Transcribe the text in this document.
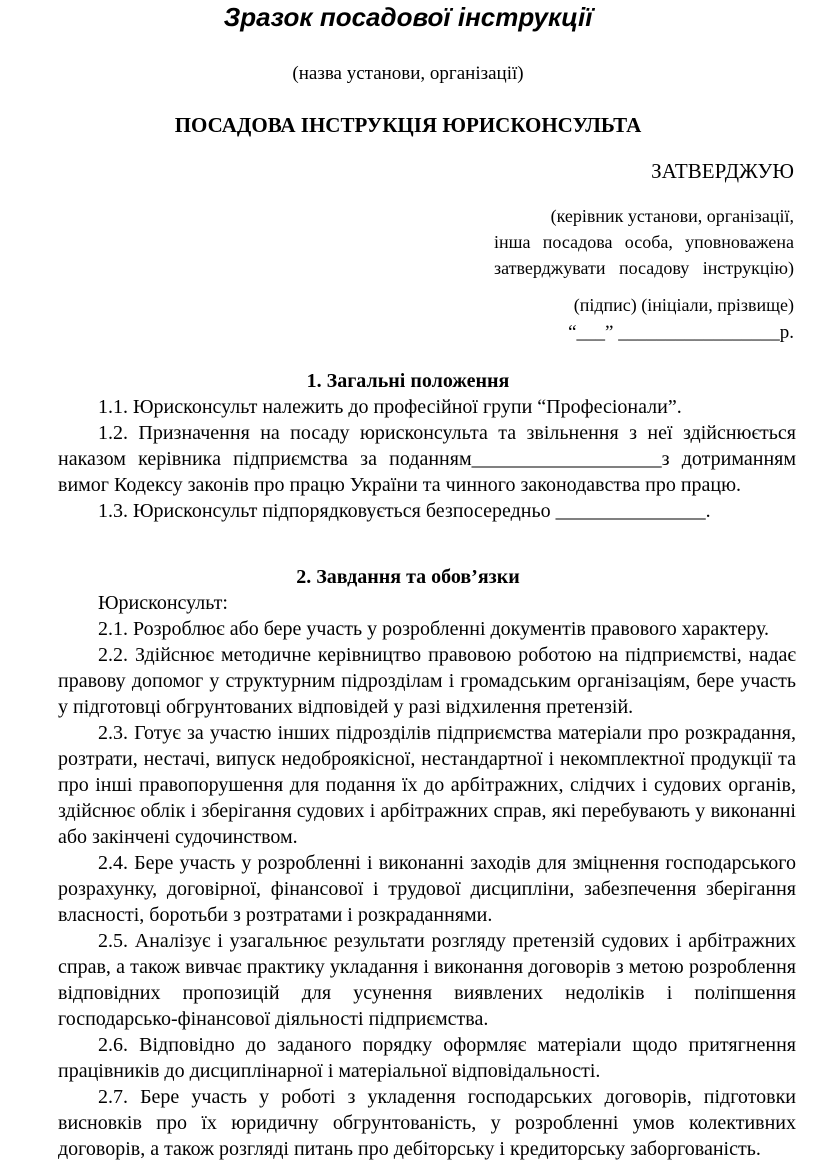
Зразок посадової інструкції
(назва установи, організації)
ПОСАДОВА ІНСТРУКЦІЯ ЮРИСКОНСУЛЬТА
ЗАТВЕРДЖУЮ
(керівник установи, організації,
інша посадова особа, уповноважена
затверджувати посадову інструкцію)
(підпис) (ініціали, прізвище)
“___” _________________р.
1. Загальні положення

1.1. Юрисконсульт належить до професійної групи “Професіонали”.

1.2. Призначення на посаду юрисконсульта та звільнення з неї здійснюється наказом керівника підприємства за поданням___________________з дотриманням вимог Кодексу законів про працю України та чинного законодавства про працю.

1.3. Юрисконсульт підпорядковується безпосередньо _______________.

2. Завдання та обов’язки

Юрисконсульт:

2.1. Розроблює або бере участь у розробленні документів правового характеру.

2.2. Здійснює методичне керівництво правовою роботою на підприємстві, надає правову допомог у структурним підрозділам і громадським організаціям, бере участь у підготовці обгрунтованих відповідей у разі відхилення претензій.

2.3. Готує за участю інших підрозділів підприємства матеріали про розкрадання, розтрати, нестачі, випуск недоброякісної, нестандартної і некомплектної продукції та про інші правопорушення для подання їх до арбітражних, слідчих і судових органів, здійснює облік і зберігання судових і арбітражних справ, які перебувають у виконанні або закінчені судочинством.

2.4. Бере участь у розробленні і виконанні заходів для зміцнення господарського розрахунку, договірної, фінансової і трудової дисципліни, забезпечення зберігання власності, боротьби з розтратами і розкраданнями.

2.5. Аналізує і узагальнює результати розгляду претензій судових і арбітражних справ, а також вивчає практику укладання і виконання договорів з метою розроблення відповідних пропозицій для усунення виявлених недоліків і поліпшення господарсько-фінансової діяльності підприємства.

2.6. Відповідно до заданого порядку оформляє матеріали щодо притягнення працівників до дисциплінарної і матеріальної відповідальності.

2.7. Бере участь у роботі з укладення господарських договорів, підготовки висновків про їх юридичну обгрунтованість, у розробленні умов колективних договорів, а також розгляді питань про дебіторську і кредиторську заборгованість.
